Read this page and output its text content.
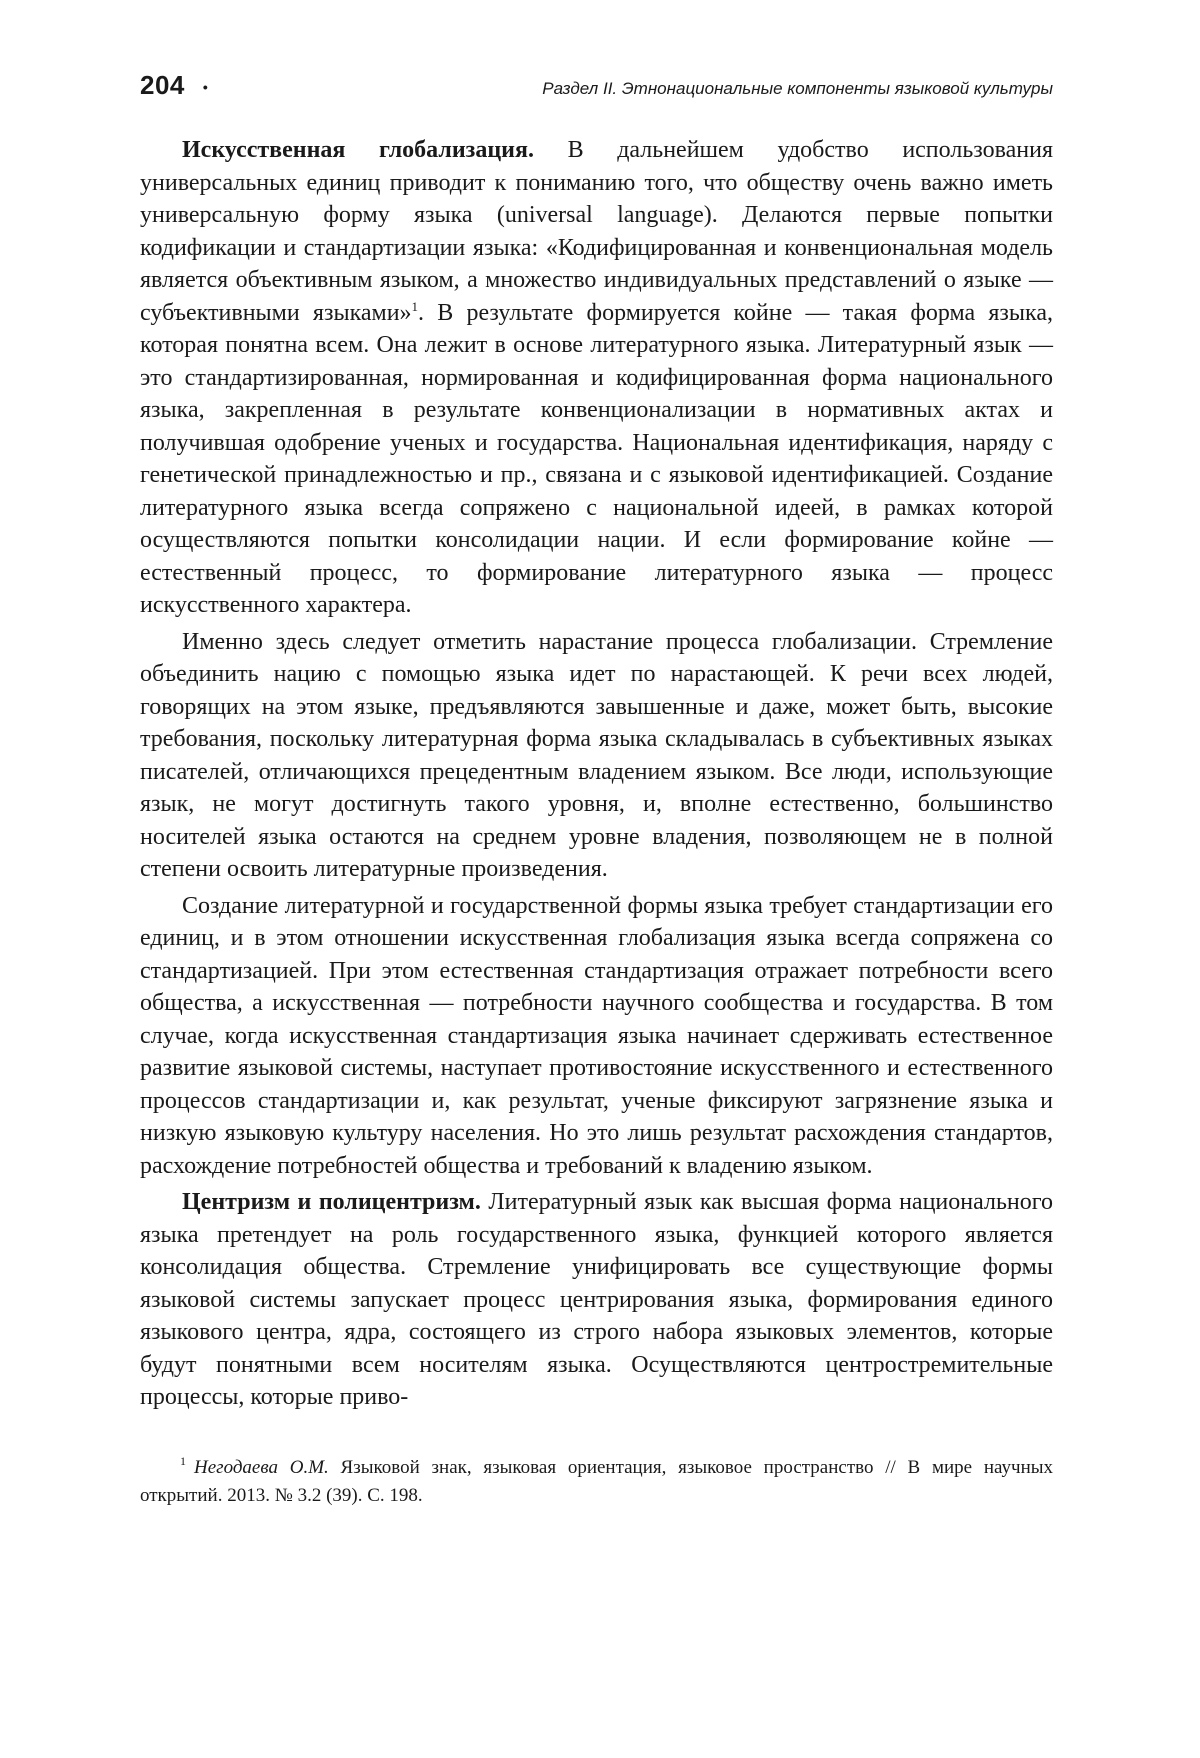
204 •	Раздел II. Этнонациональные компоненты языковой культуры

Искусственная глобализация. В дальнейшем удобство использования универсальных единиц приводит к пониманию того, что обществу очень важно иметь универсальную форму языка (universal language). Делаются первые попытки кодификации и стандартизации языка: «Кодифицированная и конвенциональная модель является объективным языком, а множество индивидуальных представлений о языке — субъективными языками»$^1$. В результате формируется койне — такая форма языка, которая понятна всем. Она лежит в основе литературного языка. Литературный язык — это стандартизированная, нормированная и кодифицированная форма национального языка, закрепленная в результате конвенционализации в нормативных актах и получившая одобрение ученых и государства. Национальная идентификация, наряду с генетической принадлежностью и пр., связана и с языковой идентификацией. Создание литературного языка всегда сопряжено с национальной идеей, в рамках которой осуществляются попытки консолидации нации. И если формирование койне — естественный процесс, то формирование литературного языка — процесс искусственного характера.

Именно здесь следует отметить нарастание процесса глобализации. Стремление объединить нацию с помощью языка идет по нарастающей. К речи всех людей, говорящих на этом языке, предъявляются завышенные и даже, может быть, высокие требования, поскольку литературная форма языка складывалась в субъективных языках писателей, отличающихся прецедентным владением языком. Все люди, использующие язык, не могут достигнуть такого уровня, и, вполне естественно, большинство носителей языка остаются на среднем уровне владения, позволяющем не в полной степени освоить литературные произведения.

Создание литературной и государственной формы языка требует стандартизации его единиц, и в этом отношении искусственная глобализация языка всегда сопряжена со стандартизацией. При этом естественная стандартизация отражает потребности всего общества, а искусственная — потребности научного сообщества и государства. В том случае, когда искусственная стандартизация языка начинает сдерживать естественное развитие языковой системы, наступает противостояние искусственного и естественного процессов стандартизации и, как результат, ученые фиксируют загрязнение языка и низкую языковую культуру населения. Но это лишь результат расхождения стандартов, расхождение потребностей общества и требований к владению языком.

Центризм и полицентризм. Литературный язык как высшая форма национального языка претендует на роль государственного языка, функцией которого является консолидация общества. Стремление унифицировать все существующие формы языковой системы запускает процесс центрирования языка, формирования единого языкового центра, ядра, состоящего из строго набора языковых элементов, которые будут понятными всем носителям языка. Осуществляются центростремительные процессы, которые приво-

$^1$ Негодаева О.М. Языковой знак, языковая ориентация, языковое пространство // В мире научных открытий. 2013. № 3.2 (39). С. 198.
